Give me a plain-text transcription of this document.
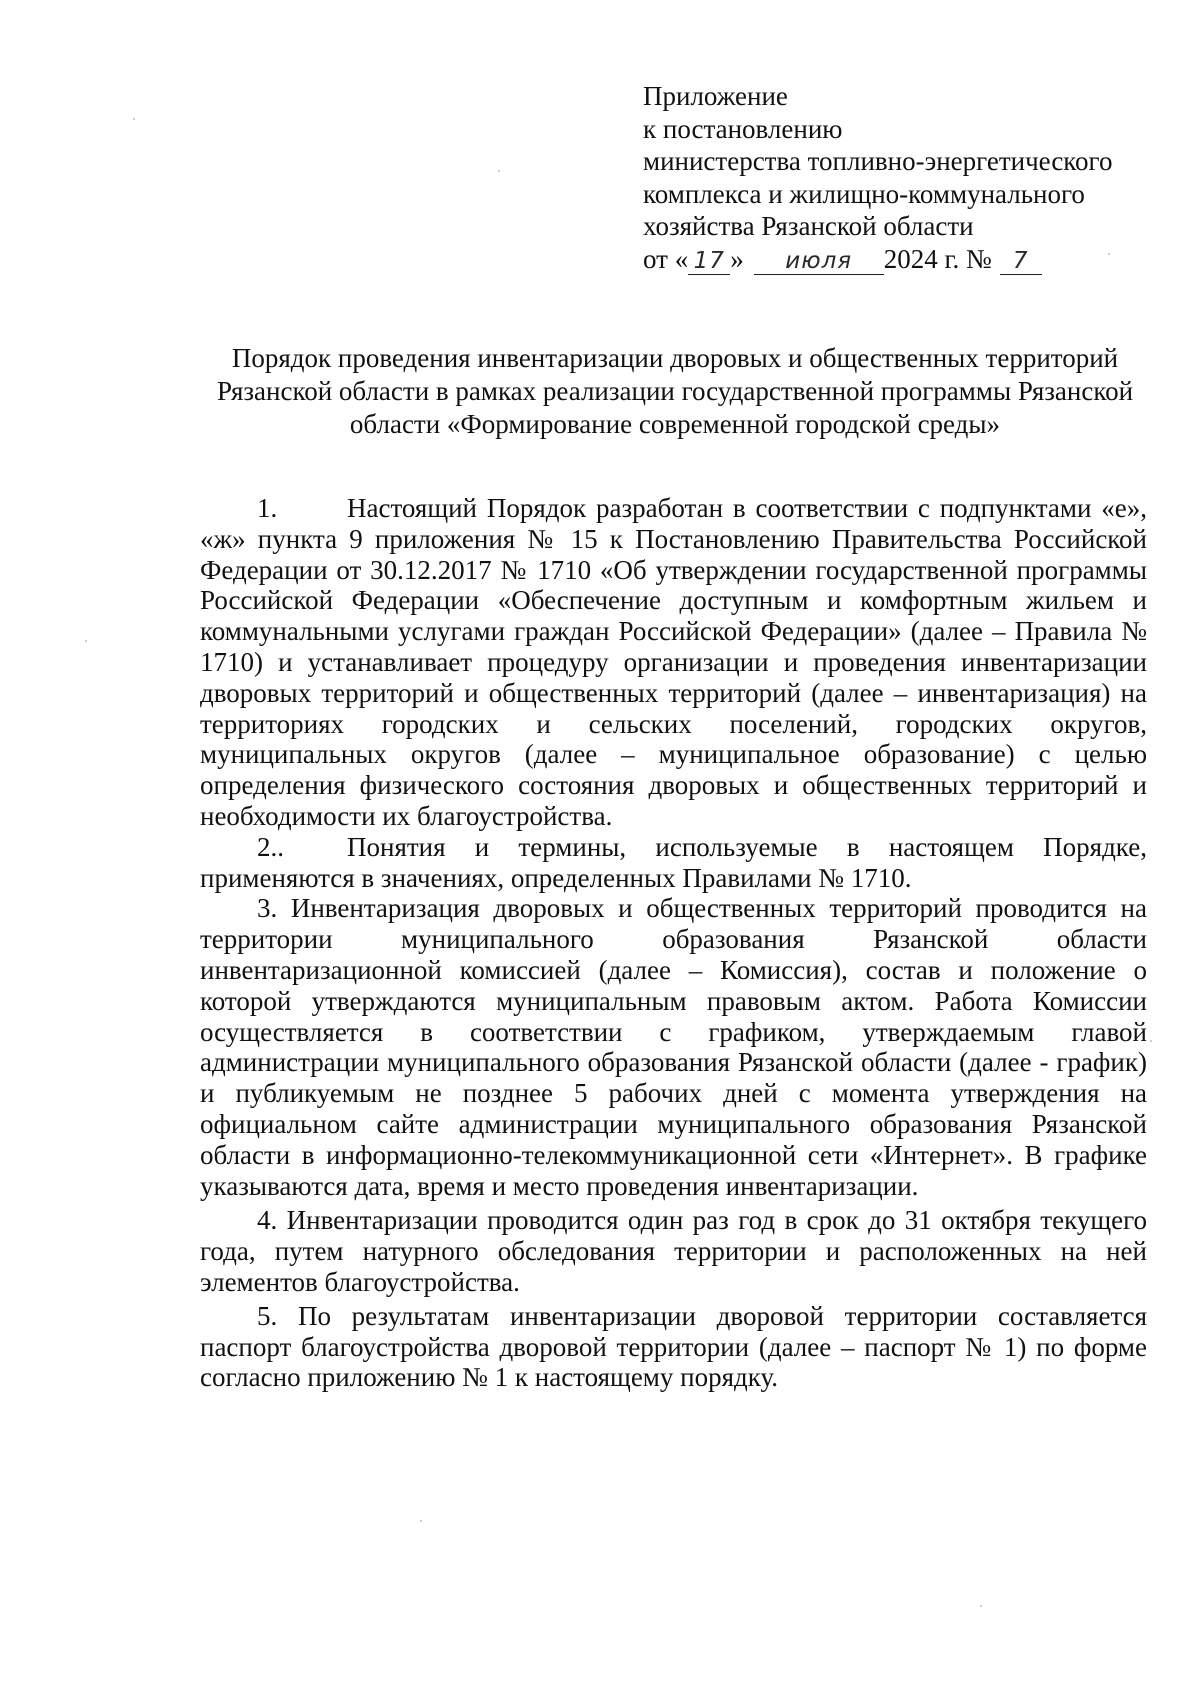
Приложение
к постановлению
министерства топливно-энергетического
комплекса и жилищно-коммунального
хозяйства Рязанской области
от « 17 » июля 2024 г. № 7
Порядок проведения инвентаризации дворовых и общественных территорий Рязанской области в рамках реализации государственной программы Рязанской области «Формирование современной городской среды»

1.	Настоящий Порядок разработан в соответствии с подпунктами «е», «ж» пункта 9 приложения № 15 к Постановлению Правительства Российской Федерации от 30.12.2017 № 1710 «Об утверждении государственной программы Российской Федерации «Обеспечение доступным и комфортным жильем и коммунальными услугами граждан Российской Федерации» (далее – Правила № 1710) и устанавливает процедуру организации и проведения инвентаризации дворовых территорий и общественных территорий (далее – инвентаризация) на территориях городских и сельских поселений, городских округов, муниципальных округов (далее – муниципальное образование) с целью определения физического состояния дворовых и общественных территорий и необходимости их благоустройства.

2.. Понятия и термины, используемые в настоящем Порядке, применяются в значениях, определенных Правилами № 1710.

3. Инвентаризация дворовых и общественных территорий проводится на территории муниципального образования Рязанской области инвентаризационной комиссией (далее – Комиссия), состав и положение о которой утверждаются муниципальным правовым актом. Работа Комиссии осуществляется в соответствии с графиком, утверждаемым главой администрации муниципального образования Рязанской области (далее - график) и публикуемым не позднее 5 рабочих дней с момента утверждения на официальном сайте администрации муниципального образования Рязанской области в информационно-телекоммуникационной сети «Интернет». В графике указываются дата, время и место проведения инвентаризации.

4. Инвентаризации проводится один раз год в срок до 31 октября текущего года, путем натурного обследования территории и расположенных на ней элементов благоустройства.

5. По результатам инвентаризации дворовой территории составляется паспорт благоустройства дворовой территории (далее – паспорт № 1) по форме согласно приложению № 1 к настоящему порядку.
